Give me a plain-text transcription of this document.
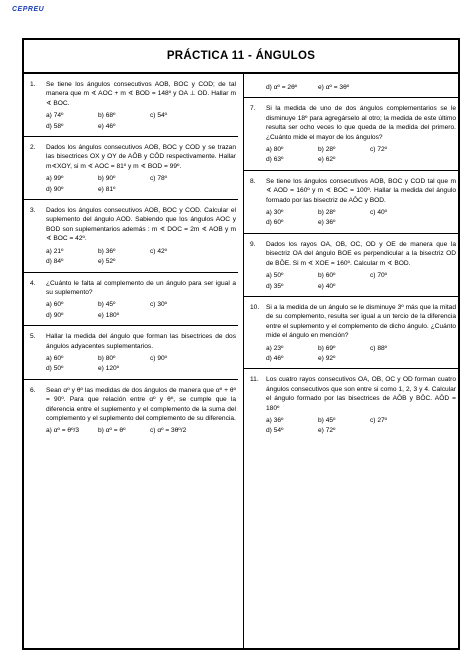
CEPREU
PRÁCTICA 11 - ÁNGULOS
1.	Se tiene los ángulos consecutivos AOB, BOC y COD; de tal manera que m ∢ AOC + m ∢ BOD = 148º y OA ⊥ OD. Hallar m ∢ BOC.
a) 74º	b) 68º	c) 54º
d) 58º	e) 46º
2.	Dados los ángulos consecutivos AOB, BOC y COD y se trazan las bisectrices OX y OY de AÔB y CÔD respectivamente. Hallar m∢XOY, si m ∢ AOC = 81º y m ∢ BOD = 99º.
a) 99º	b) 90º	c) 78º
d) 90º	e) 81º
3.	Dados los ángulos consecutivos AOB, BOC y COD. Calcular el suplemento del ángulo AOD. Sabiendo que los ángulos AOC y BOD son suplementarios además : m ∢ DOC = 2m ∢ AOB y m ∢ BOC = 42º.
a) 21º	b) 36º	c) 42º
d) 84º	e) 52º
4.	¿Cuánto le falta al complemento de un ángulo para ser igual a su suplemento?
a) 60º	b) 45º	c) 30º
d) 90º	e) 180º
5.	Hallar la medida del ángulo que forman las bisectrices de dos ángulos adyacentes suplementarios.
a) 60º	b) 80º	c) 90º
d) 50º	e) 120º
6.	Sean αº y θº las medidas de dos ángulos de manera que αº + θº = 90º. Para que relación entre αº y θº, se cumple que la diferencia entre el suplemento y el complemento de la suma del complemento y el suplemento del complemento de su diferencia.
a) αº = θº/3	b) αº = θº	c) αº = 3θº/2
d) αº = 2θº	e) αº = 3θº
7.	Si la medida de uno de dos ángulos complementarios se le disminuye 18º para agregárselo al otro; la medida de este último resulta ser ocho veces lo que queda de la medida del primero. ¿Cuánto mide el mayor de los ángulos?
a) 80º	b) 28º	c) 72º
d) 63º	e) 62º
8.	Se tiene los ángulos consecutivos AOB, BOC y COD tal que m ∢ AOD = 160º y m ∢ BOC = 100º. Hallar la medida del ángulo formado por las bisectriz de AÔC y BOD.
a) 30º	b) 28º	c) 40º
d) 60º	e) 36º
9.	Dados los rayos OA, OB, OC, OD y OE de manera que la bisectriz OA del ángulo BOE es perpendicular a la bisectriz OD de BÔE. Si m ∢ XOE = 160º. Calcular m ∢ BOD.
a) 50º	b) 60º	c) 70º
d) 35º	e) 40º
10.	Si a la medida de un ángulo se le disminuye 3º más que la mitad de su complemento, resulta ser igual a un tercio de la diferencia entre el suplemento y el complemento de dicho ángulo. ¿Cuánto mide el ángulo en mención?
a) 23º	b) 69º	c) 88º
d) 46º	e) 92º
11.	Los cuatro rayos consecutivos OA, OB, OC y OD forman cuatro ángulos consecutivos que son entre si como 1, 2, 3 y 4. Calcular el ángulo formado por las bisectrices de AÔB y BÔC. AÔD = 180º
a) 36º	b) 45º	c) 27º
d) 54º	e) 72º
